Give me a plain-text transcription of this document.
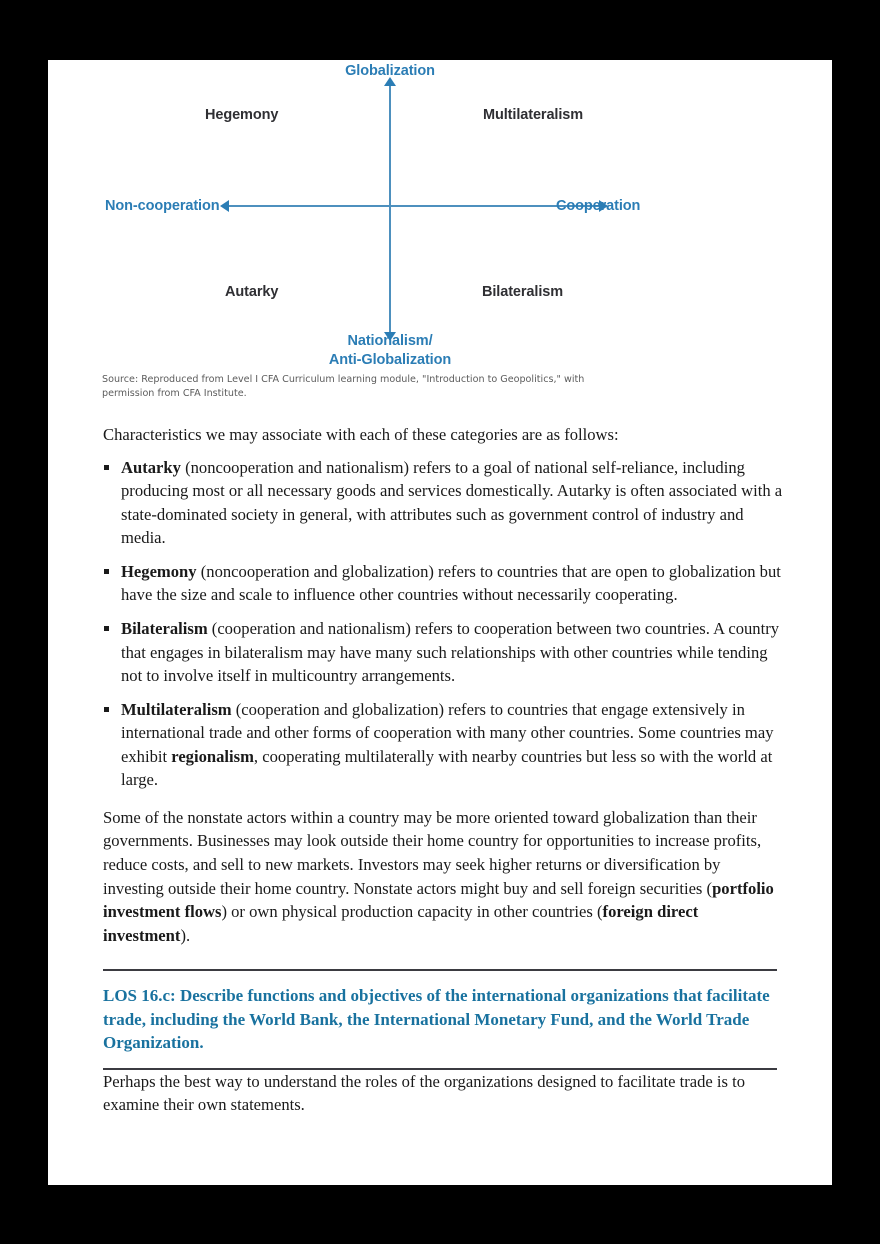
Globalization
Non-cooperation	Cooperation
Nationalism/
Anti-Globalization
Hegemony	Multilateralism
Autarky	Bilateralism
Source: Reproduced from Level I CFA Curriculum learning module, "Introduction to Geopolitics," with permission from CFA Institute.

Characteristics we may associate with each of these categories are as follows:

Autarky (noncooperation and nationalism) refers to a goal of national self-reliance, including producing most or all necessary goods and services domestically. Autarky is often associated with a state-dominated society in general, with attributes such as government control of industry and media.
Hegemony (noncooperation and globalization) refers to countries that are open to globalization but have the size and scale to influence other countries without necessarily cooperating.
Bilateralism (cooperation and nationalism) refers to cooperation between two countries. A country that engages in bilateralism may have many such relationships with other countries while tending not to involve itself in multicountry arrangements.
Multilateralism (cooperation and globalization) refers to countries that engage extensively in international trade and other forms of cooperation with many other countries. Some countries may exhibit regionalism, cooperating multilaterally with nearby countries but less so with the world at large.

Some of the nonstate actors within a country may be more oriented toward globalization than their governments. Businesses may look outside their home country for opportunities to increase profits, reduce costs, and sell to new markets. Investors may seek higher returns or diversification by investing outside their home country. Nonstate actors might buy and sell foreign securities (portfolio investment flows) or own physical production capacity in other countries (foreign direct investment).

LOS 16.c: Describe functions and objectives of the international organizations that facilitate trade, including the World Bank, the International Monetary Fund, and the World Trade Organization.

Perhaps the best way to understand the roles of the organizations designed to facilitate trade is to examine their own statements.
